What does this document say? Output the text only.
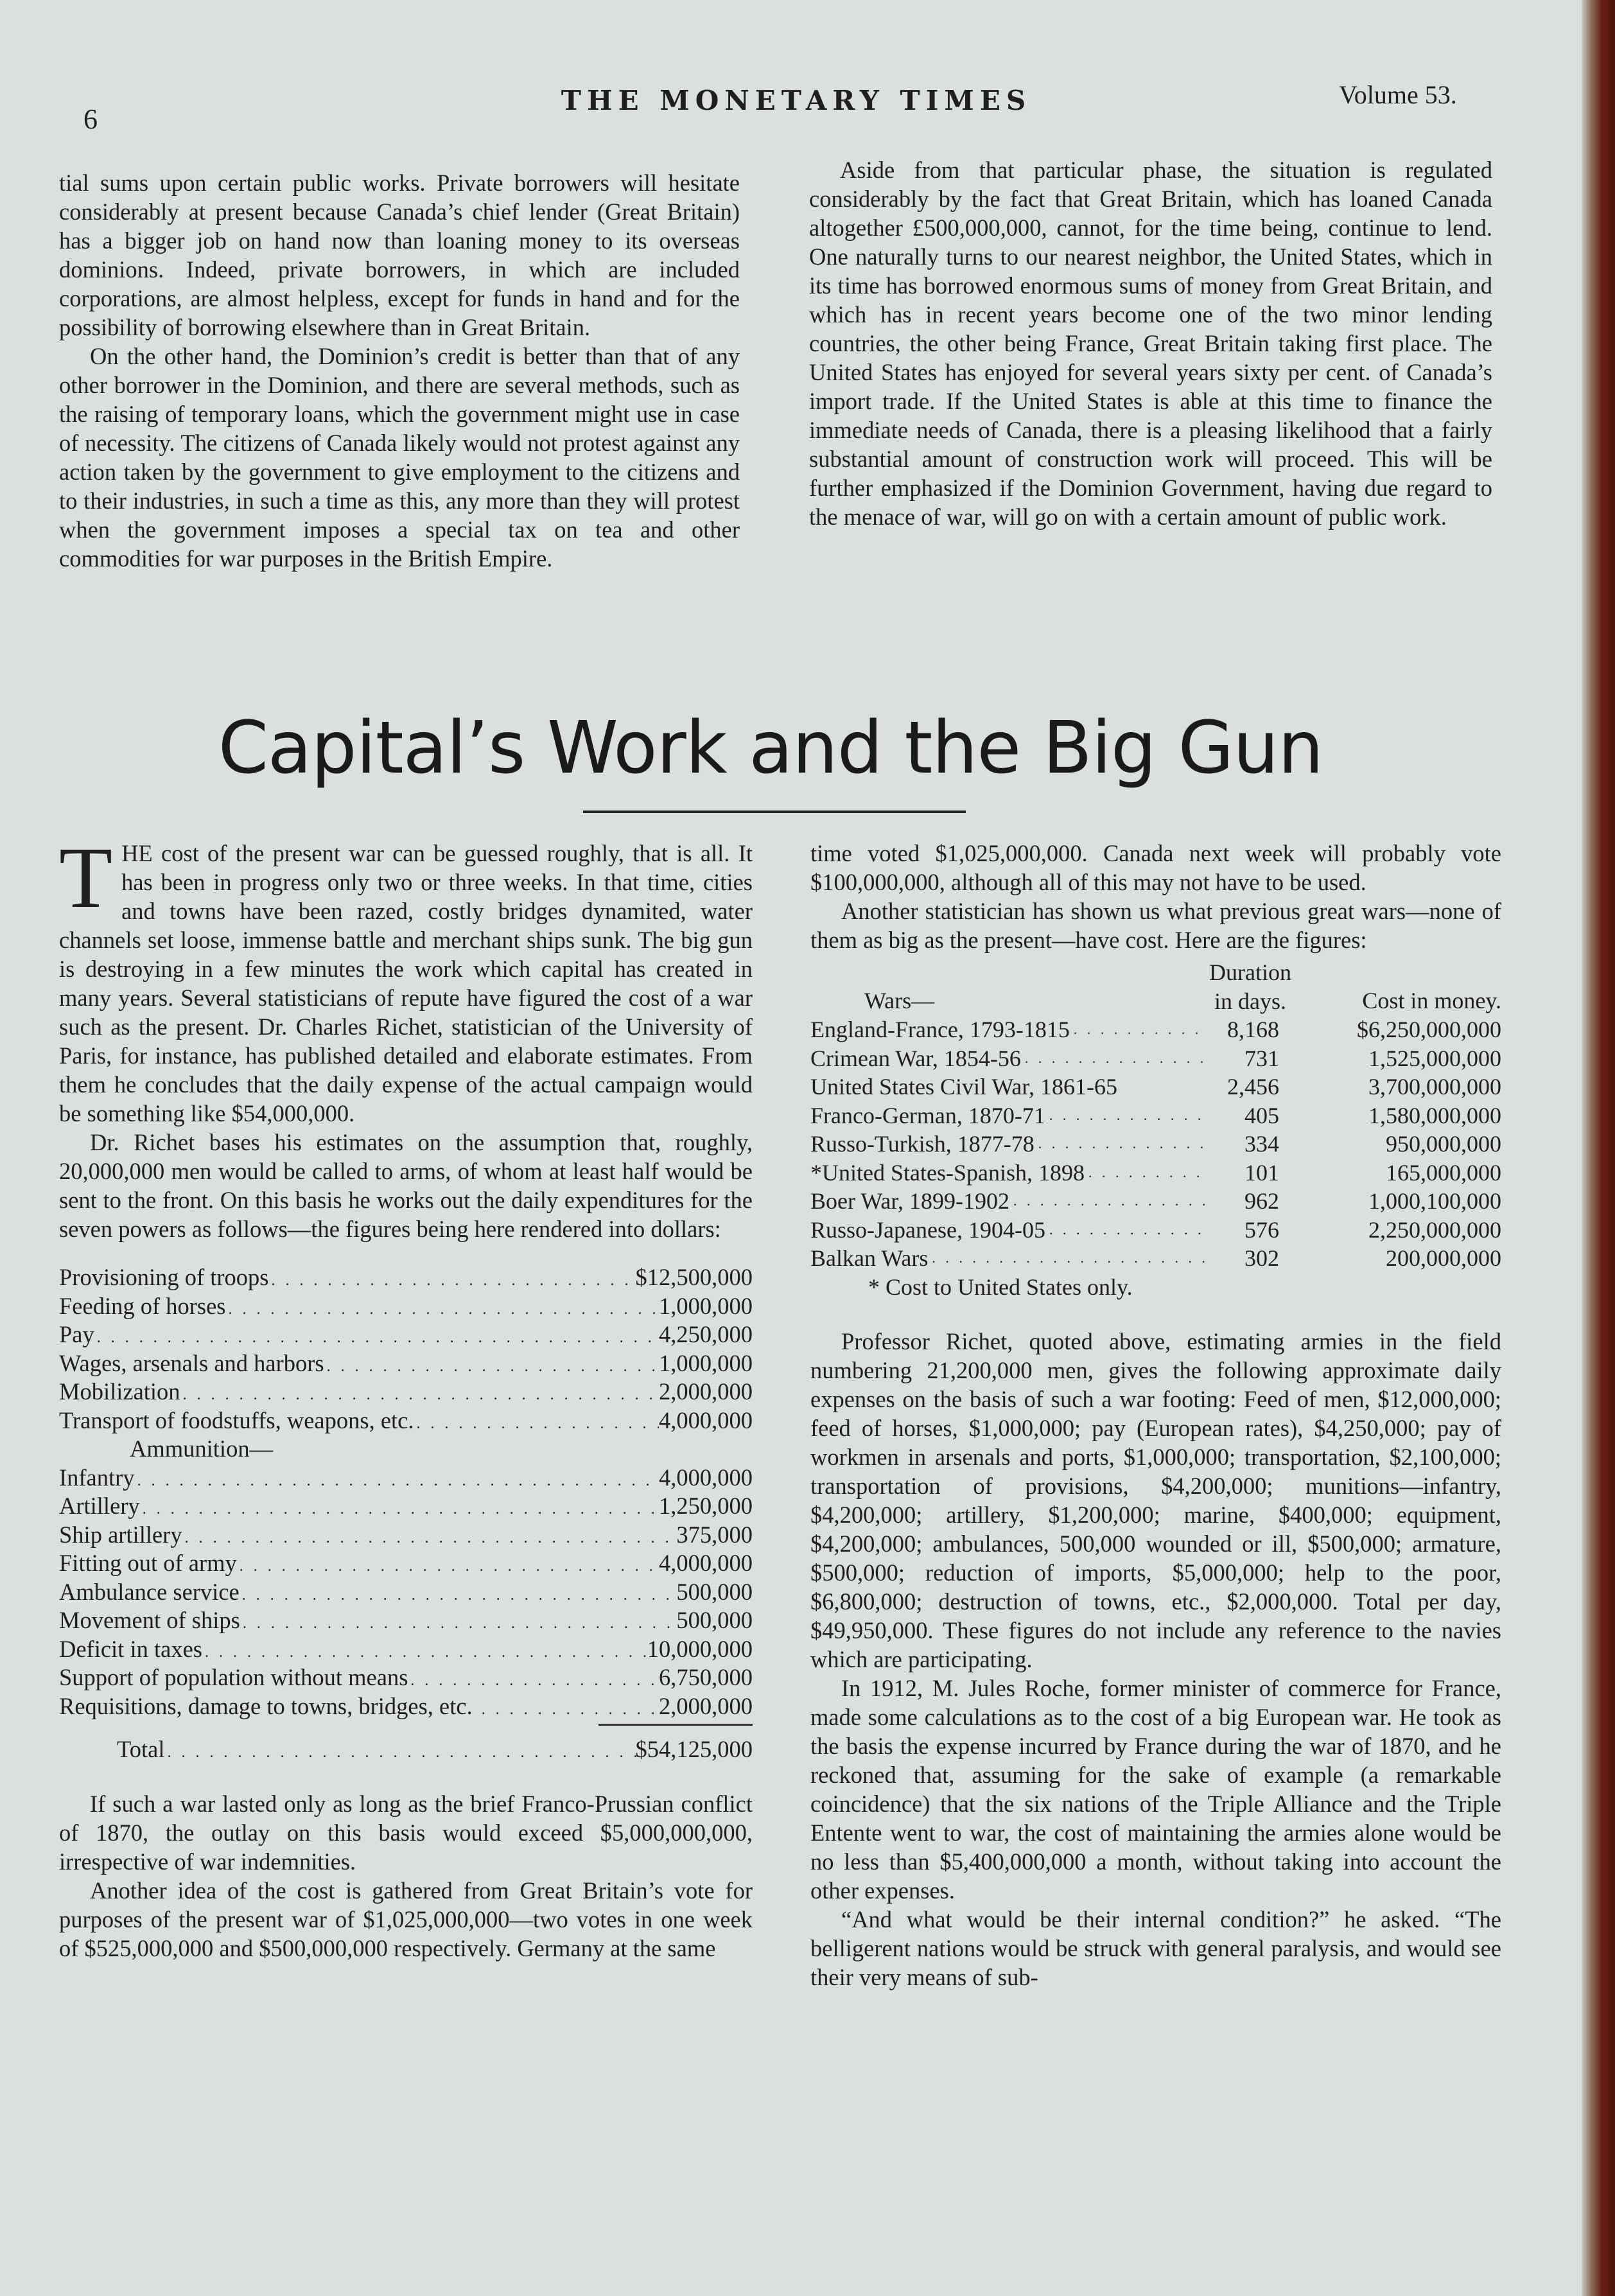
6
THE MONETARY TIMES	Volume 53.

tial sums upon certain public works. Private borrowers will hesitate considerably at present because Canada’s chief lender (Great Britain) has a bigger job on hand now than loaning money to its overseas dominions. Indeed, private borrowers, in which are included corporations, are almost helpless, except for funds in hand and for the possibility of borrowing elsewhere than in Great Britain.

On the other hand, the Dominion’s credit is better than that of any other borrower in the Dominion, and there are several methods, such as the raising of temporary loans, which the government might use in case of necessity. The citizens of Canada likely would not protest against any action taken by the government to give employment to the citizens and to their industries, in such a time as this, any more than they will protest when the government imposes a special tax on tea and other commodities for war purposes in the British Empire.

Aside from that particular phase, the situation is regulated considerably by the fact that Great Britain, which has loaned Canada altogether £500,000,000, cannot, for the time being, continue to lend. One naturally turns to our nearest neighbor, the United States, which in its time has borrowed enormous sums of money from Great Britain, and which has in recent years become one of the two minor lending countries, the other being France, Great Britain taking first place. The United States has enjoyed for several years sixty per cent. of Canada’s import trade. If the United States is able at this time to finance the immediate needs of Canada, there is a pleasing likelihood that a fairly substantial amount of construction work will proceed. This will be further emphasized if the Dominion Government, having due regard to the menace of war, will go on with a certain amount of public work.

Capital’s Work and the Big Gun

THE cost of the present war can be guessed roughly, that is all. It has been in progress only two or three weeks. In that time, cities and towns have been razed, costly bridges dynamited, water channels set loose, immense battle and merchant ships sunk. The big gun is destroying in a few minutes the work which capital has created in many years. Several statisticians of repute have figured the cost of a war such as the present. Dr. Charles Richet, statistician of the University of Paris, for instance, has published detailed and elaborate estimates. From them he concludes that the daily expense of the actual campaign would be something like $54,000,000.

Dr. Richet bases his estimates on the assumption that, roughly, 20,000,000 men would be called to arms, of whom at least half would be sent to the front. On this basis he works out the daily expenditures for the seven powers as follows—the figures being here rendered into dollars:

Provisioning of troops . . .	$12,500,000
Feeding of horses . . .	1,000,000
Pay . . .	4,250,000
Wages, arsenals and harbors . . .	1,000,000
Mobilization . . .	2,000,000
Transport of foodstuffs, weapons, etc. . . .	4,000,000
Ammunition—
Infantry . . .	4,000,000
Artillery . . .	1,250,000
Ship artillery . . .	375,000
Fitting out of army . . .	4,000,000
Ambulance service . . .	500,000
Movement of ships . . .	500,000
Deficit in taxes . . .	10,000,000
Support of population without means . . .	6,750,000
Requisitions, damage to towns, bridges, etc. . . .	2,000,000
Total . . .	$54,125,000

If such a war lasted only as long as the brief Franco-Prussian conflict of 1870, the outlay on this basis would exceed $5,000,000,000, irrespective of war indemnities.

Another idea of the cost is gathered from Great Britain’s vote for purposes of the present war of $1,025,000,000—two votes in one week of $525,000,000 and $500,000,000 respectively. Germany at the same

time voted $1,025,000,000. Canada next week will probably vote $100,000,000, although all of this may not have to be used.

Another statistician has shown us what previous great wars—none of them as big as the present—have cost. Here are the figures:

Wars—
Duration
in days.	Cost in money.
England-France, 1793-1815 . . .	8,168	$6,250,000,000
Crimean War, 1854-56 . . .	731	1,525,000,000
United States Civil War, 1861-65	2,456	3,700,000,000
Franco-German, 1870-71 . . .	405	1,580,000,000
Russo-Turkish, 1877-78 . . .	334	950,000,000
*United States-Spanish, 1898 . . .	101	165,000,000
Boer War, 1899-1902 . . .	962	1,000,100,000
Russo-Japanese, 1904-05 . . .	576	2,250,000,000
Balkan Wars . . .	302	200,000,000
* Cost to United States only.

Professor Richet, quoted above, estimating armies in the field numbering 21,200,000 men, gives the following approximate daily expenses on the basis of such a war footing: Feed of men, $12,000,000; feed of horses, $1,000,000; pay (European rates), $4,250,000; pay of workmen in arsenals and ports, $1,000,000; transportation, $2,100,000; transportation of provisions, $4,200,000; munitions—infantry, $4,200,000; artillery, $1,200,000; marine, $400,000; equipment, $4,200,000; ambulances, 500,000 wounded or ill, $500,000; armature, $500,000; reduction of imports, $5,000,000; help to the poor, $6,800,000; destruction of towns, etc., $2,000,000. Total per day, $49,950,000. These figures do not include any reference to the navies which are participating.

In 1912, M. Jules Roche, former minister of commerce for France, made some calculations as to the cost of a big European war. He took as the basis the expense incurred by France during the war of 1870, and he reckoned that, assuming for the sake of example (a remarkable coincidence) that the six nations of the Triple Alliance and the Triple Entente went to war, the cost of maintaining the armies alone would be no less than $5,400,000,000 a month, without taking into account the other expenses.

“And what would be their internal condition?” he asked. “The belligerent nations would be struck with general paralysis, and would see their very means of sub-
